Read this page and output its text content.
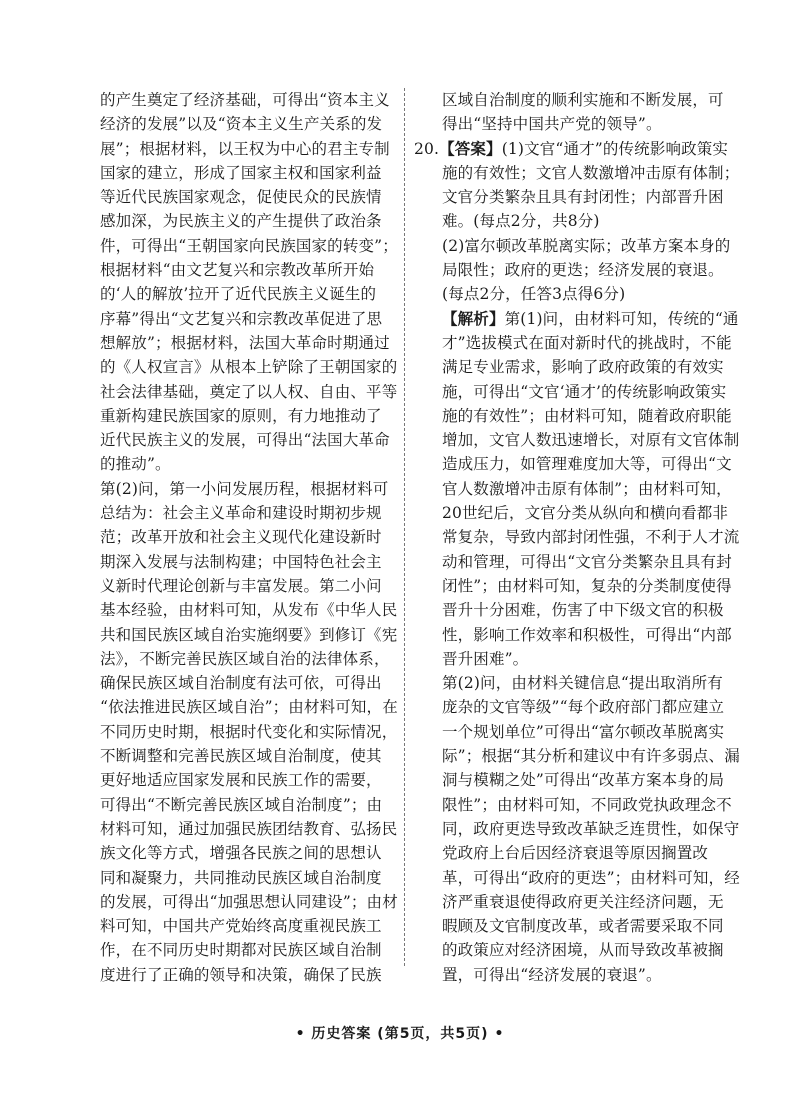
的产生奠定了经济基础，可得出“资本主义
经济的发展”以及“资本主义生产关系的发
展”；根据材料，以王权为中心的君主专制
国家的建立，形成了国家主权和国家利益
等近代民族国家观念，促使民众的民族情
感加深，为民族主义的产生提供了政治条
件，可得出“王朝国家向民族国家的转变”；
根据材料“由文艺复兴和宗教改革所开始
的‘人的解放’拉开了近代民族主义诞生的
序幕”得出“文艺复兴和宗教改革促进了思
想解放”；根据材料，法国大革命时期通过
的《人权宣言》从根本上铲除了王朝国家的
社会法律基础，奠定了以人权、自由、平等
重新构建民族国家的原则，有力地推动了
近代民族主义的发展，可得出“法国大革命
的推动”。
第(2)问，第一小问发展历程，根据材料可
总结为：社会主义革命和建设时期初步规
范；改革开放和社会主义现代化建设新时
期深入发展与法制构建；中国特色社会主
义新时代理论创新与丰富发展。第二小问
基本经验，由材料可知，从发布《中华人民
共和国民族区域自治实施纲要》到修订《宪
法》，不断完善民族区域自治的法律体系，
确保民族区域自治制度有法可依，可得出
“依法推进民族区域自治”；由材料可知，在
不同历史时期，根据时代变化和实际情况，
不断调整和完善民族区域自治制度，使其
更好地适应国家发展和民族工作的需要，
可得出“不断完善民族区域自治制度”；由
材料可知，通过加强民族团结教育、弘扬民
族文化等方式，增强各民族之间的思想认
同和凝聚力，共同推动民族区域自治制度
的发展，可得出“加强思想认同建设”；由材
料可知，中国共产党始终高度重视民族工
作，在不同历史时期都对民族区域自治制
度进行了正确的领导和决策，确保了民族
区域自治制度的顺利实施和不断发展，可
得出“坚持中国共产党的领导”。
20.【答案】(1)文官“通才”的传统影响政策实
施的有效性；文官人数激增冲击原有体制；
文官分类繁杂且具有封闭性；内部晋升困
难。(每点2分，共8分)
(2)富尔顿改革脱离实际；改革方案本身的
局限性；政府的更迭；经济发展的衰退。
(每点2分，任答3点得6分)
【解析】第(1)问，由材料可知，传统的“通
才”选拔模式在面对新时代的挑战时，不能
满足专业需求，影响了政府政策的有效实
施，可得出“文官‘通才’的传统影响政策实
施的有效性”；由材料可知，随着政府职能
增加，文官人数迅速增长，对原有文官体制
造成压力，如管理难度加大等，可得出“文
官人数激增冲击原有体制”；由材料可知，
20世纪后，文官分类从纵向和横向看都非
常复杂，导致内部封闭性强，不利于人才流
动和管理，可得出“文官分类繁杂且具有封
闭性”；由材料可知，复杂的分类制度使得
晋升十分困难，伤害了中下级文官的积极
性，影响工作效率和积极性，可得出“内部
晋升困难”。
第(2)问，由材料关键信息“提出取消所有
庞杂的文官等级”“每个政府部门都应建立
一个规划单位”可得出“富尔顿改革脱离实
际”；根据“其分析和建议中有许多弱点、漏
洞与模糊之处”可得出“改革方案本身的局
限性”；由材料可知，不同政党执政理念不
同，政府更迭导致改革缺乏连贯性，如保守
党政府上台后因经济衰退等原因搁置改
革，可得出“政府的更迭”；由材料可知，经
济严重衰退使得政府更关注经济问题，无
暇顾及文官制度改革，或者需要采取不同
的政策应对经济困境，从而导致改革被搁
置，可得出“经济发展的衰退”。
• 历史答案 (第5页，共5页) •
